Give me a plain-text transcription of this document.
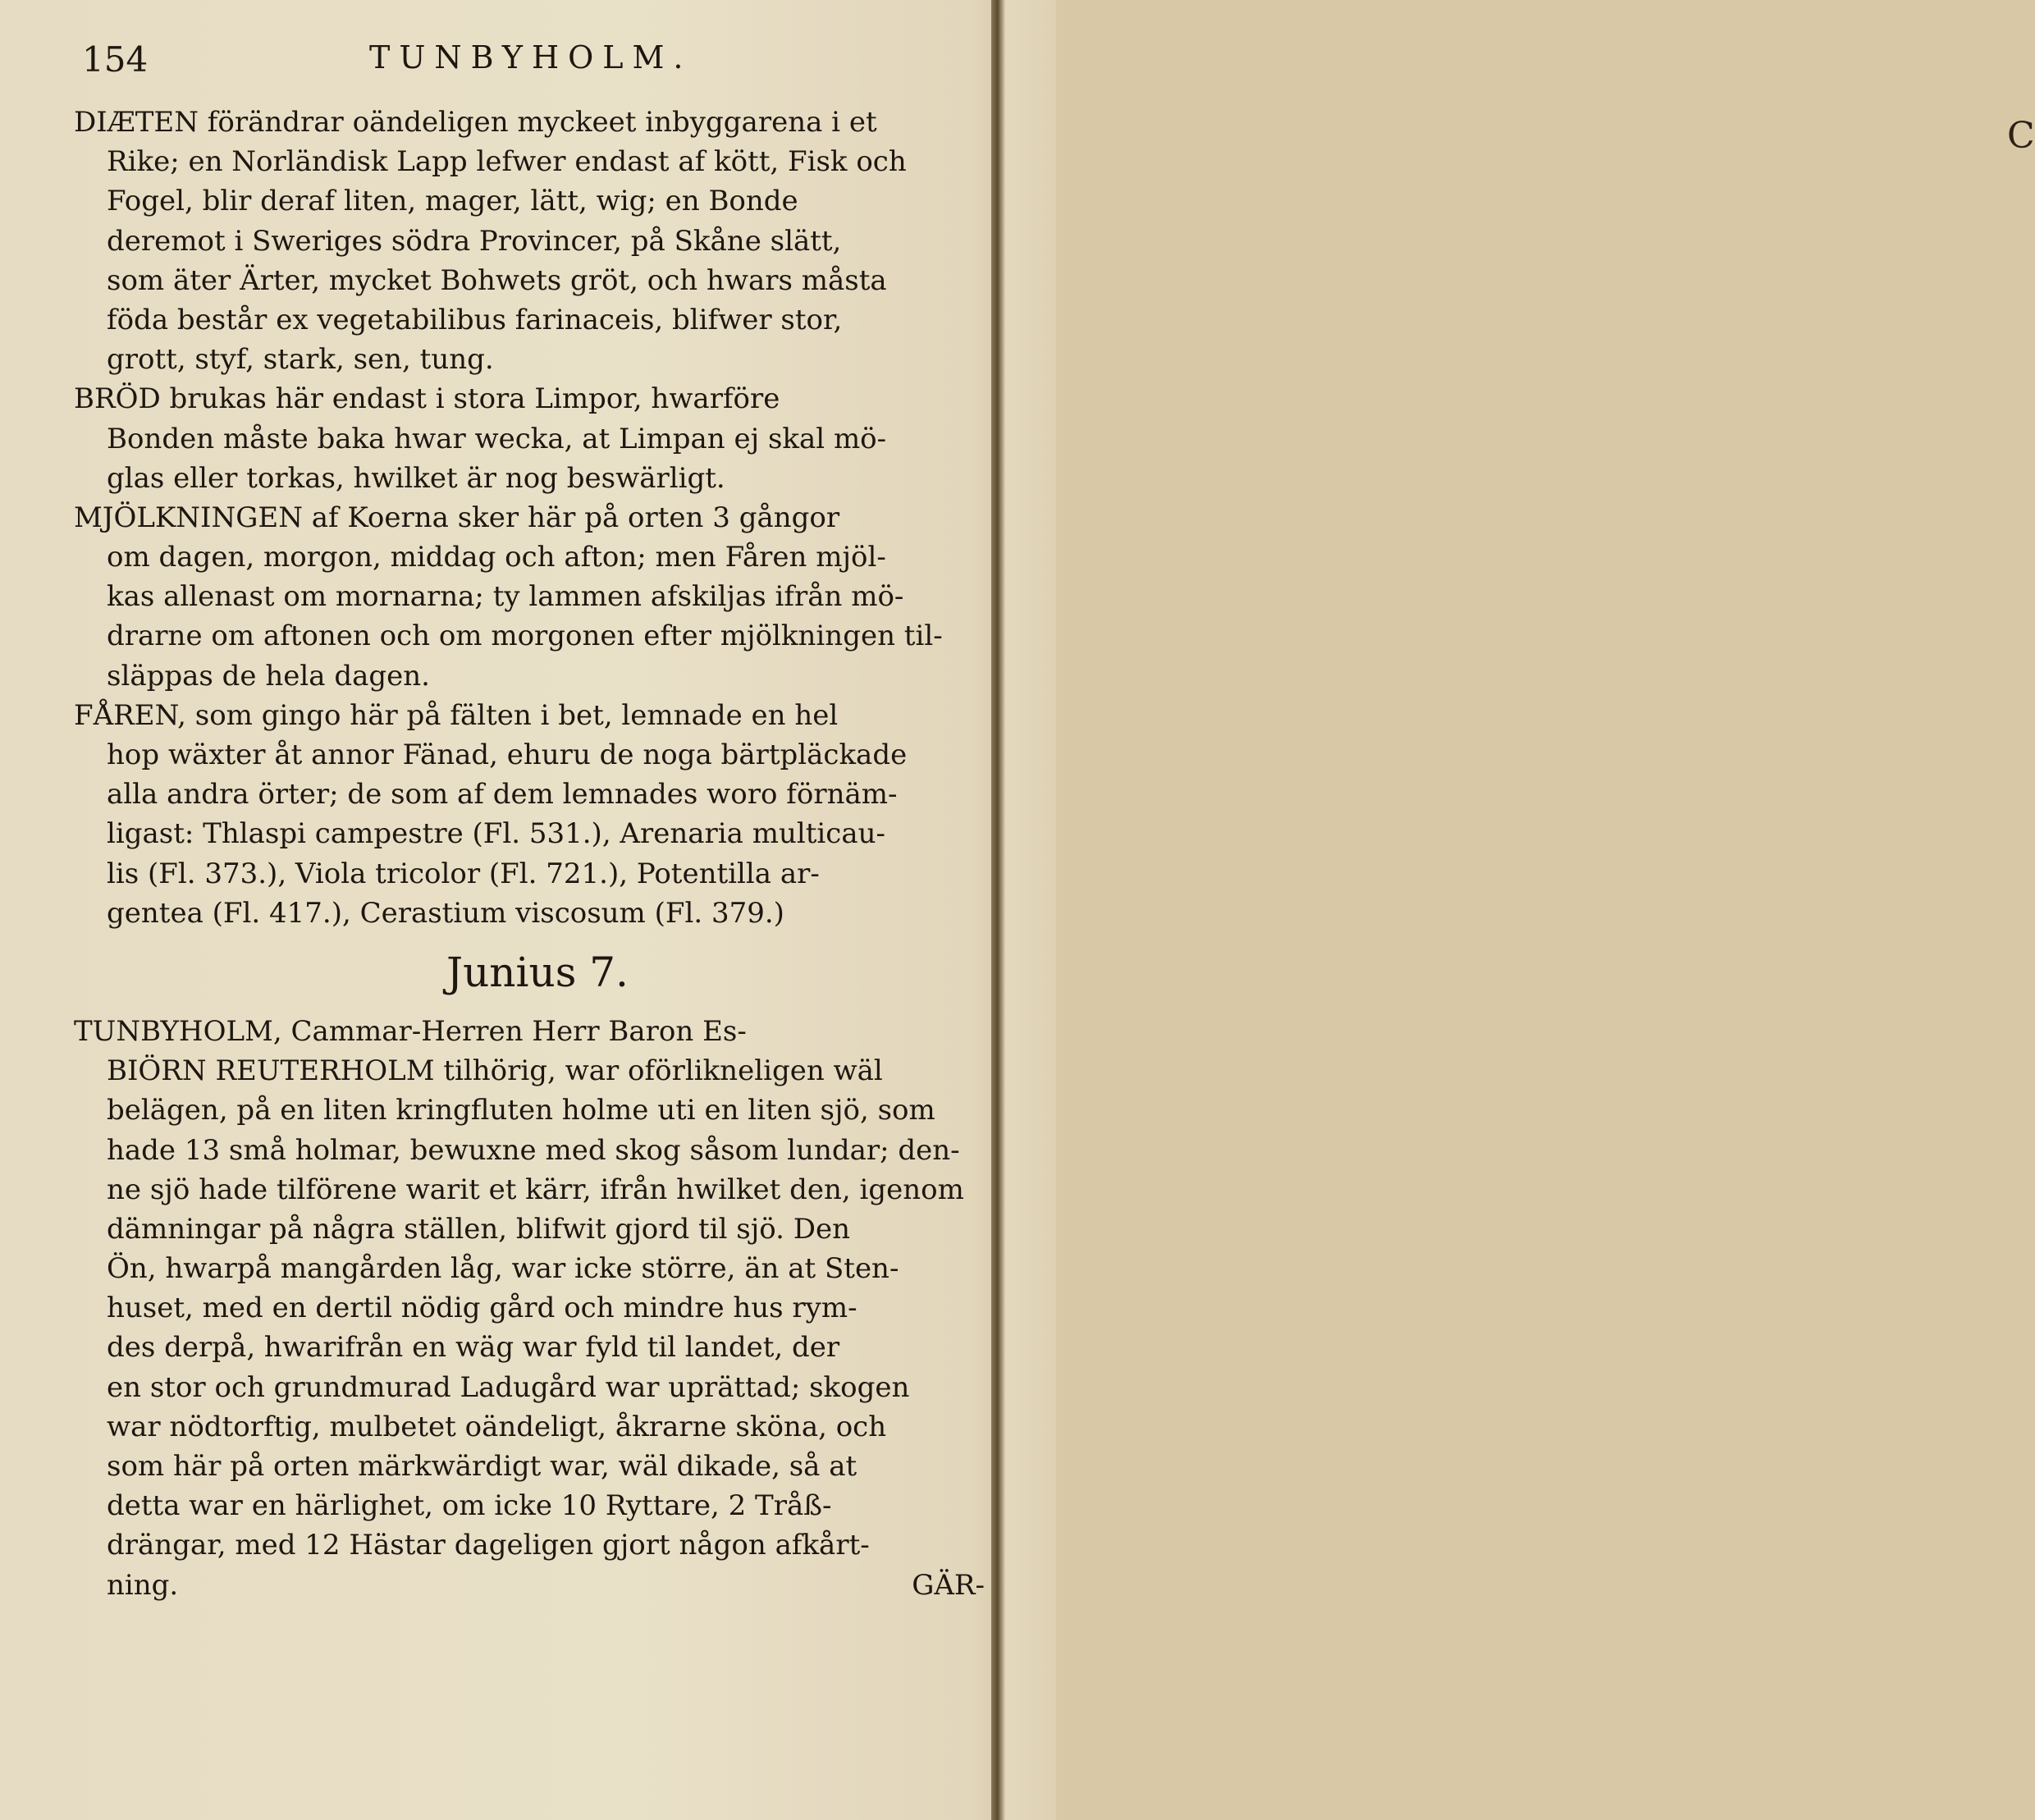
C
154	TUNBYHOLM.
DIÆTEN förändrar oändeligen myckeet inbyggarena i et
Rike; en Norländisk Lapp lefwer endast af kött, Fisk och
Fogel, blir deraf liten, mager, lätt, wig; en Bonde
deremot i Sweriges södra Provincer, på Skåne slätt,
som äter Ärter, mycket Bohwets gröt, och hwars måsta
föda består ex vegetabilibus farinaceis, blifwer stor,
grott, styf, stark, sen, tung.
BRÖD brukas här endast i stora Limpor, hwarföre
Bonden måste baka hwar wecka, at Limpan ej skal mö-
glas eller torkas, hwilket är nog beswärligt.
MJÖLKNINGEN af Koerna sker här på orten 3 gångor
om dagen, morgon, middag och afton; men Fåren mjöl-
kas allenast om mornarna; ty lammen afskiljas ifrån mö-
drarne om aftonen och om morgonen efter mjölkningen til-
släppas de hela dagen.
FÅREN, som gingo här på fälten i bet, lemnade en hel
hop wäxter åt annor Fänad, ehuru de noga bärtpläckade
alla andra örter; de som af dem lemnades woro förnäm-
ligast: Thlaspi campestre (Fl. 531.), Arenaria multicau-
lis (Fl. 373.), Viola tricolor (Fl. 721.), Potentilla ar-
gentea (Fl. 417.), Cerastium viscosum (Fl. 379.)
Junius 7.
TUNBYHOLM, Cammar-Herren Herr Baron Es-
BIÖRN REUTERHOLM tilhörig, war oförlikneligen wäl
belägen, på en liten kringfluten holme uti en liten sjö, som
hade 13 små holmar, bewuxne med skog såsom lundar; den-
ne sjö hade tilförene warit et kärr, ifrån hwilket den, igenom
dämningar på några ställen, blifwit gjord til sjö. Den
Ön, hwarpå mangården låg, war icke större, än at Sten-
huset, med en dertil nödig gård och mindre hus rym-
des derpå, hwarifrån en wäg war fyld til landet, der
en stor och grundmurad Ladugård war uprättad; skogen
war nödtorftig, mulbetet oändeligt, åkrarne sköna, och
som här på orten märkwärdigt war, wäl dikade, så at
detta war en härlighet, om icke 10 Ryttare, 2 Tråß-
drängar, med 12 Hästar dageligen gjort någon afkårt-
ning.	GÄR-
